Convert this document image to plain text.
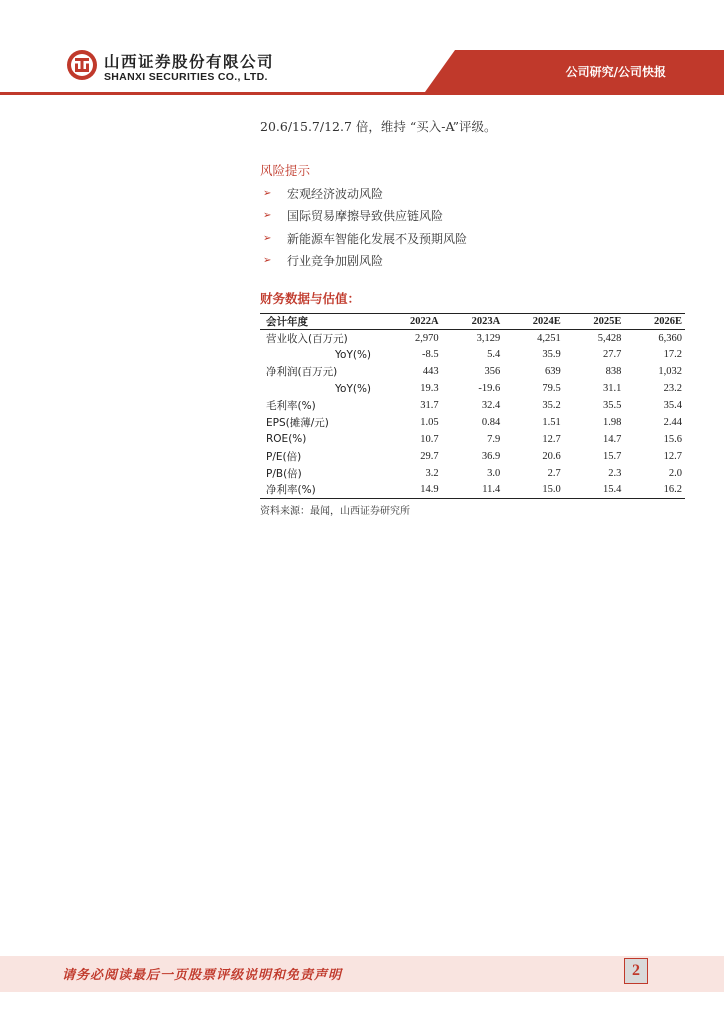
山西证券股份有限公司
SHANXI SECURITIES CO., LTD.	公司研究/公司快报
20.6/15.7/12.7 倍，维持 “买入-A”评级。
风险提示
➢	宏观经济波动风险
➢	国际贸易摩擦导致供应链风险
➢	新能源车智能化发展不及预期风险
➢	行业竞争加剧风险
财务数据与估值：
会计年度	2022A	2023A	2024E	2025E	2026E
营业收入(百万元)	2,970	3,129	4,251	5,428	6,360
YoY(%)	-8.5	5.4	35.9	27.7	17.2
净利润(百万元)	443	356	639	838	1,032
YoY(%)	19.3	-19.6	79.5	31.1	23.2
毛利率(%)	31.7	32.4	35.2	35.5	35.4
EPS(摊薄/元)	1.05	0.84	1.51	1.98	2.44
ROE(%)	10.7	7.9	12.7	14.7	15.6
P/E(倍)	29.7	36.9	20.6	15.7	12.7
P/B(倍)	3.2	3.0	2.7	2.3	2.0
净利率(%)	14.9	11.4	15.0	15.4	16.2
资料来源：最闻，山西证券研究所
请务必阅读最后一页股票评级说明和免责声明	2
